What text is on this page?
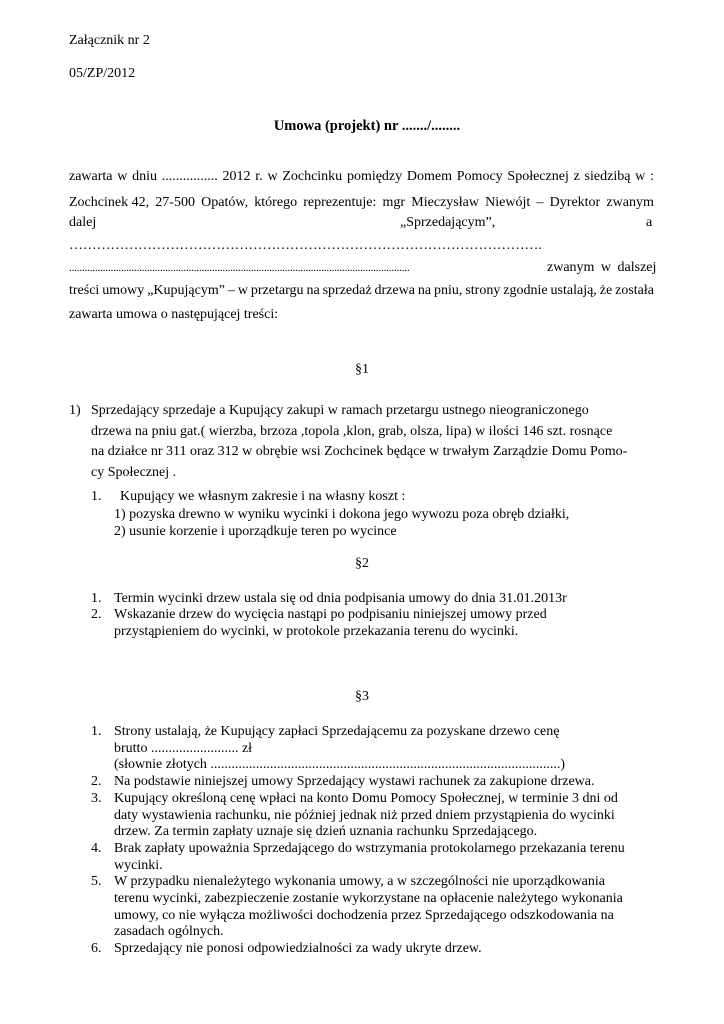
Załącznik nr 2
05/ZP/2012
Umowa (projekt) nr ......./........
zawarta w dniu ................ 2012 r. w Zochcinku pomiędzy Domem Pomocy Społecznej z siedzibą w :
Zochcinek 42, 27-500 Opatów, którego reprezentuje: mgr Mieczysław Niewójt – Dyrektor zwanym
dalej	„Sprzedającym”,	a
………………………………………………………………………………………….
...................................................................................................................................	zwanym w dalszej
treści umowy „Kupującym” – w przetargu na sprzedaż drzewa na pniu, strony zgodnie ustalają, że została
zawarta umowa o następującej treści:
§1
1) Sprzedający sprzedaje a Kupujący zakupi w ramach przetargu ustnego nieograniczonego
drzewa na pniu gat.( wierzba, brzoza ,topola ,klon, grab, olsza, lipa) w ilości 146 szt. rosnące
na działce nr 311 oraz 312 w obrębie wsi Zochcinek będące w trwałym Zarządzie Domu Pomo-
cy Społecznej .
1. Kupujący we własnym zakresie i na własny koszt :
1) pozyska drewno w wyniku wycinki i dokona jego wywozu poza obręb działki,
2) usunie korzenie i uporządkuje teren po wycince
§2
1. Termin wycinki drzew ustala się od dnia podpisania umowy do dnia 31.01.2013r
2. Wskazanie drzew do wycięcia nastąpi po podpisaniu niniejszej umowy przed
przystąpieniem do wycinki, w protokole przekazania terenu do wycinki.
§3
1. Strony ustalają, że Kupujący zapłaci Sprzedającemu za pozyskane drzewo cenę
brutto ......................... zł
(słownie złotych ....................................................................................................)
2. Na podstawie niniejszej umowy Sprzedający wystawi rachunek za zakupione drzewa.
3. Kupujący określoną cenę wpłaci na konto Domu Pomocy Społecznej, w terminie 3 dni od
daty wystawienia rachunku, nie później jednak niż przed dniem przystąpienia do wycinki
drzew. Za termin zapłaty uznaje się dzień uznania rachunku Sprzedającego.
4. Brak zapłaty upoważnia Sprzedającego do wstrzymania protokolarnego przekazania terenu
wycinki.
5. W przypadku nienależytego wykonania umowy, a w szczególności nie uporządkowania
terenu wycinki, zabezpieczenie zostanie wykorzystane na opłacenie należytego wykonania
umowy, co nie wyłącza możliwości dochodzenia przez Sprzedającego odszkodowania na
zasadach ogólnych.
6. Sprzedający nie ponosi odpowiedzialności za wady ukryte drzew.
